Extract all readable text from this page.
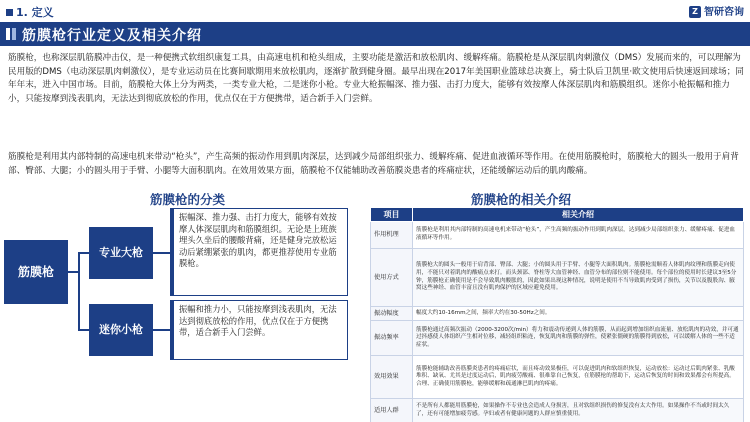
1. 定义	Z 智研咨询
筋膜枪行业定义及相关介绍

筋膜枪，也称深层肌筋膜冲击仪，是一种便携式软组织康复工具，由高速电机和枪头组成，主要功能是激活和放松肌肉、缓解疼痛。筋膜枪是从深层肌肉刺激仪（DMS）发展而来的，可以理解为民用版的DMS（电动深层肌肉刺激仪），是专业运动员在比赛间歇期用来放松肌肉，逐渐扩散到健身圈。最早出现在2017年美国职业篮球总决赛上，骑士队后卫凯里·欧文使用后快速返回球场；同年年末，进入中国市场。目前，筋膜枪大体上分为两类，一类专业大枪，二是迷你小枪。专业大枪振幅深、推力强、击打力度大，能够有效按摩人体深层肌肉和筋膜组织。迷你小枪振幅和推力小，只能按摩到浅表肌肉，无法达到彻底放松的作用，优点仅在于方便携带，适合新手入门尝鲜。

筋膜枪是利用其内部特制的高速电机来带动“枪头”，产生高频的振动作用到肌肉深层，达到减少局部组织张力、缓解疼痛、促进血液循环等作用。在使用筋膜枪时，筋膜枪大的圆头一般用于肩背部、臀部、大腿；小的圆头用于手臂、小腿等大面积肌肉。在效用效果方面，筋膜枪不仅能辅助改善筋膜炎患者的疼痛症状，还能缓解运动后的肌肉酸痛。

筋膜枪的分类	筋膜枪的相关介绍
筋膜枪
专业大枪
迷你小枪
振幅深、推力强、击打力度大，能够有效按摩人体深层肌肉和筋膜组织。无论是上班族埋头久坐后的腰酸背痛，还是健身完放松运动后紧绷紧张的肌肉，都更推荐使用专业筋膜枪。
振幅和推力小，只能按摩到浅表肌肉，无法达到彻底放松的作用，优点仅在于方便携带，适合新手入门尝鲜。
项目	相关介绍
作用机理	筋膜枪是利用其内部特制的高速电机来带动“枪头”，产生高频的振动作用到肌肉深层，达到减少局部组织张力、缓解疼痛、促进血液循环等作用。
使用方式	筋膜枪大的圆头一般用于肩背部、臀部、大腿；小的圆头用于手臂、小腿等大面积肌肉。筋膜枪需顺着人体肌肉纹理和筋膜走向使用，不能只对着肌肉的酸痛点来打。而头颈部、脊柱等大血管神经、血管分布的部位则不能使用。每个部位的使用时长建议3至5分钟，筋膜枪正确使用是不会导致肌肉酸胀的，因此如果出现这种情况，说明是使用不当导致肌肉受到了损伤，关节以及腹股沟、腋窝这些神经、血管丰富且没有肌肉保护的区域应避免使用。
振动幅度	幅度大约10-16mm之间，频率大约在30-50Hz之间。
振动频率	筋膜枪通过高频次振动（2000-3200次/min）将力和震动传递到人体的筋膜，从而起到增加组织血流量、放松肌肉的功效，并可通过抖感使人体组织产生相对位移，减轻组织粘连，恢复肌肉和筋膜的弹性，使紧张僵硬的筋膜得到放松，可以缓解人体的一些不适症状。
效用效果	筋膜枪能辅助改善筋膜炎患者的疼痛症状，而且疼动效果极佳，可以促进肌肉和软组织恢复，运动放松：运动过后肌肉紧张、乳酸堆积、缺氧、尤其是过度运动后，肌肉疲劳酸痛、很难靠自己恢复，在筋膜枪的帮助下，运动后恢复的时间和效果都会有所提高。合理、正确使用筋膜枪，能够缓解和疏通淋巴肌肉的疼痛。
适用人群	不是所有人都能用筋膜枪，如果操作不专业也会造成人身损害，且对软组织损伤的修复没有太大作用。如果操作不当或时间太久了，还有可能增加疲劳感。孕妇或者有健康问题的人群应慎重使用。
